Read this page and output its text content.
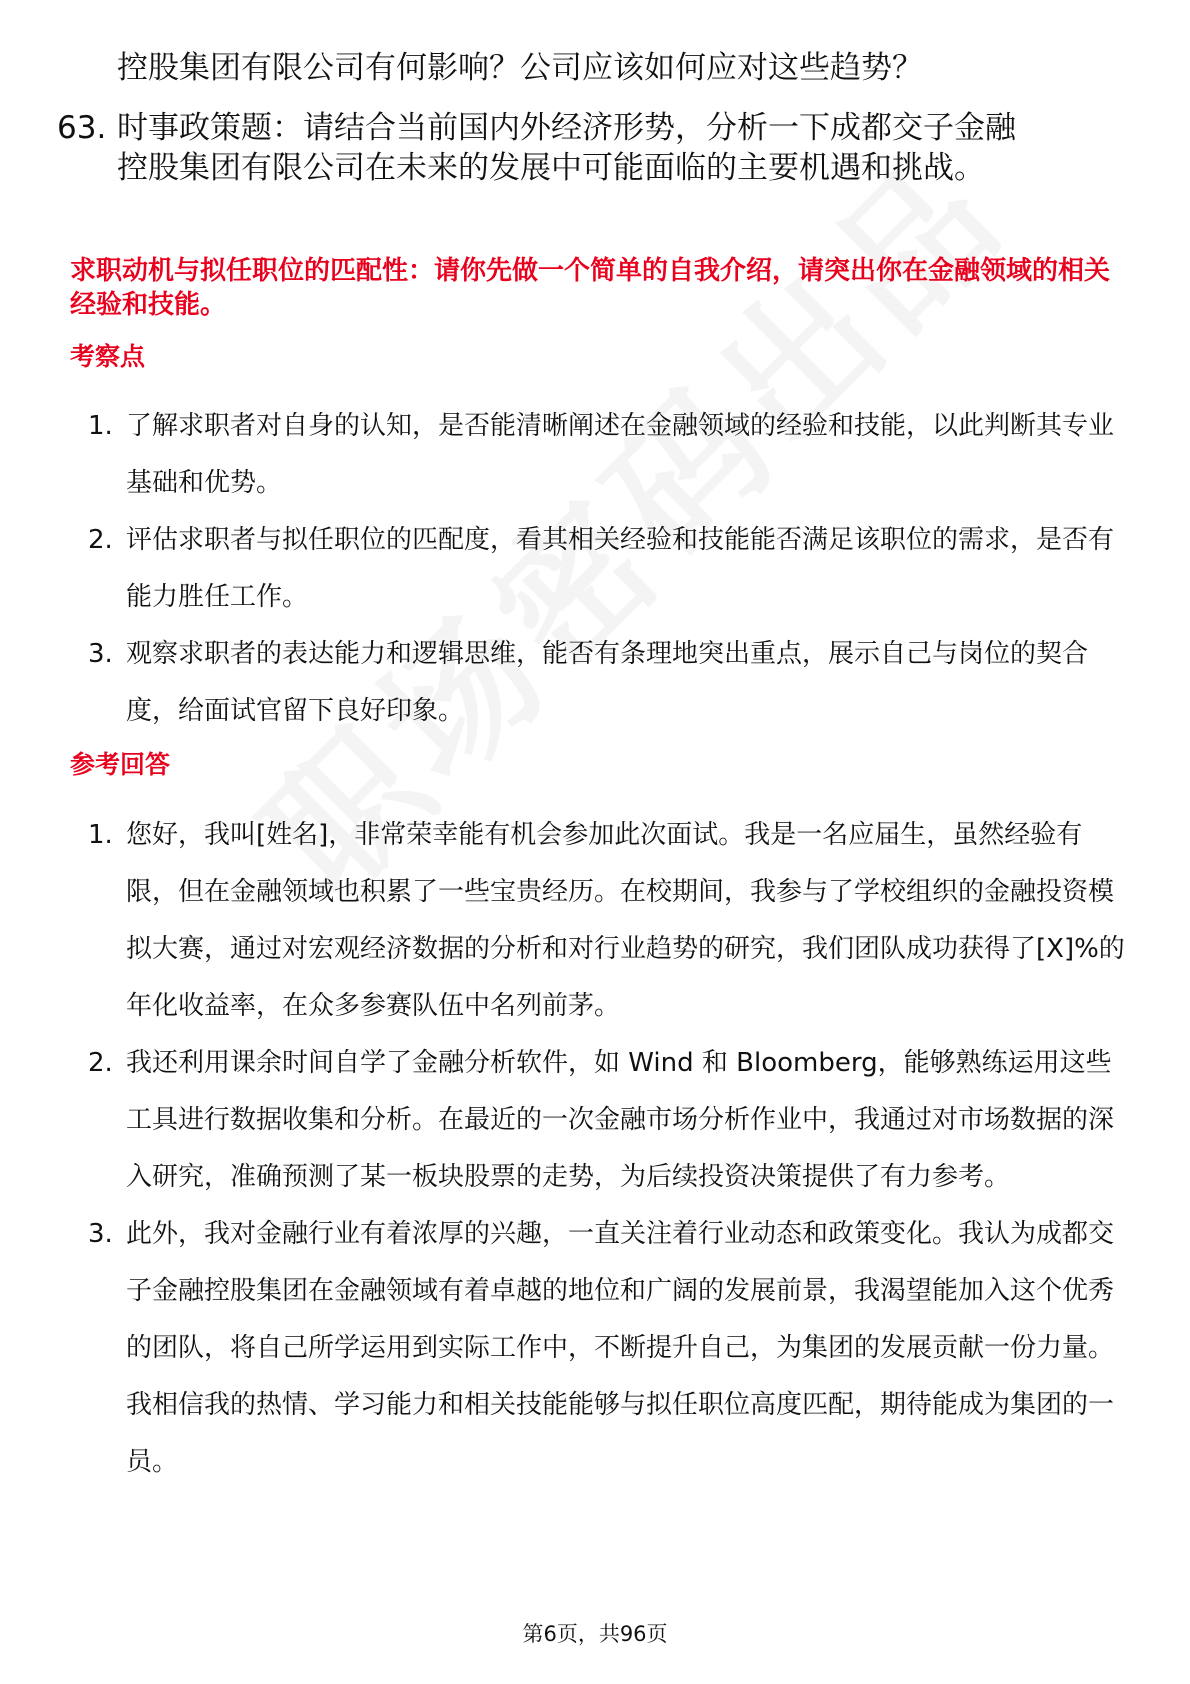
控股集团有限公司有何影响？公司应该如何应对这些趋势？
63. 时事政策题：请结合当前国内外经济形势，分析一下成都交子金融控股集团有限公司在未来的发展中可能面临的主要机遇和挑战。
求职动机与拟任职位的匹配性：请你先做一个简单的自我介绍，请突出你在金融领域的相关经验和技能。
考察点
1. 了解求职者对自身的认知，是否能清晰阐述在金融领域的经验和技能，以此判断其专业基础和优势。
2. 评估求职者与拟任职位的匹配度，看其相关经验和技能能否满足该职位的需求，是否有能力胜任工作。
3. 观察求职者的表达能力和逻辑思维，能否有条理地突出重点，展示自己与岗位的契合度，给面试官留下良好印象。
参考回答
1. 您好，我叫[姓名]，非常荣幸能有机会参加此次面试。我是一名应届生，虽然经验有限，但在金融领域也积累了一些宝贵经历。在校期间，我参与了学校组织的金融投资模拟大赛，通过对宏观经济数据的分析和对行业趋势的研究，我们团队成功获得了[X]%的年化收益率，在众多参赛队伍中名列前茅。
2. 我还利用课余时间自学了金融分析软件，如 Wind 和 Bloomberg，能够熟练运用这些工具进行数据收集和分析。在最近的一次金融市场分析作业中，我通过对市场数据的深入研究，准确预测了某一板块股票的走势，为后续投资决策提供了有力参考。
3. 此外，我对金融行业有着浓厚的兴趣，一直关注着行业动态和政策变化。我认为成都交子金融控股集团在金融领域有着卓越的地位和广阔的发展前景，我渴望能加入这个优秀的团队，将自己所学运用到实际工作中，不断提升自己，为集团的发展贡献一份力量。我相信我的热情、学习能力和相关技能能够与拟任职位高度匹配，期待能成为集团的一员。
第6页，共96页
